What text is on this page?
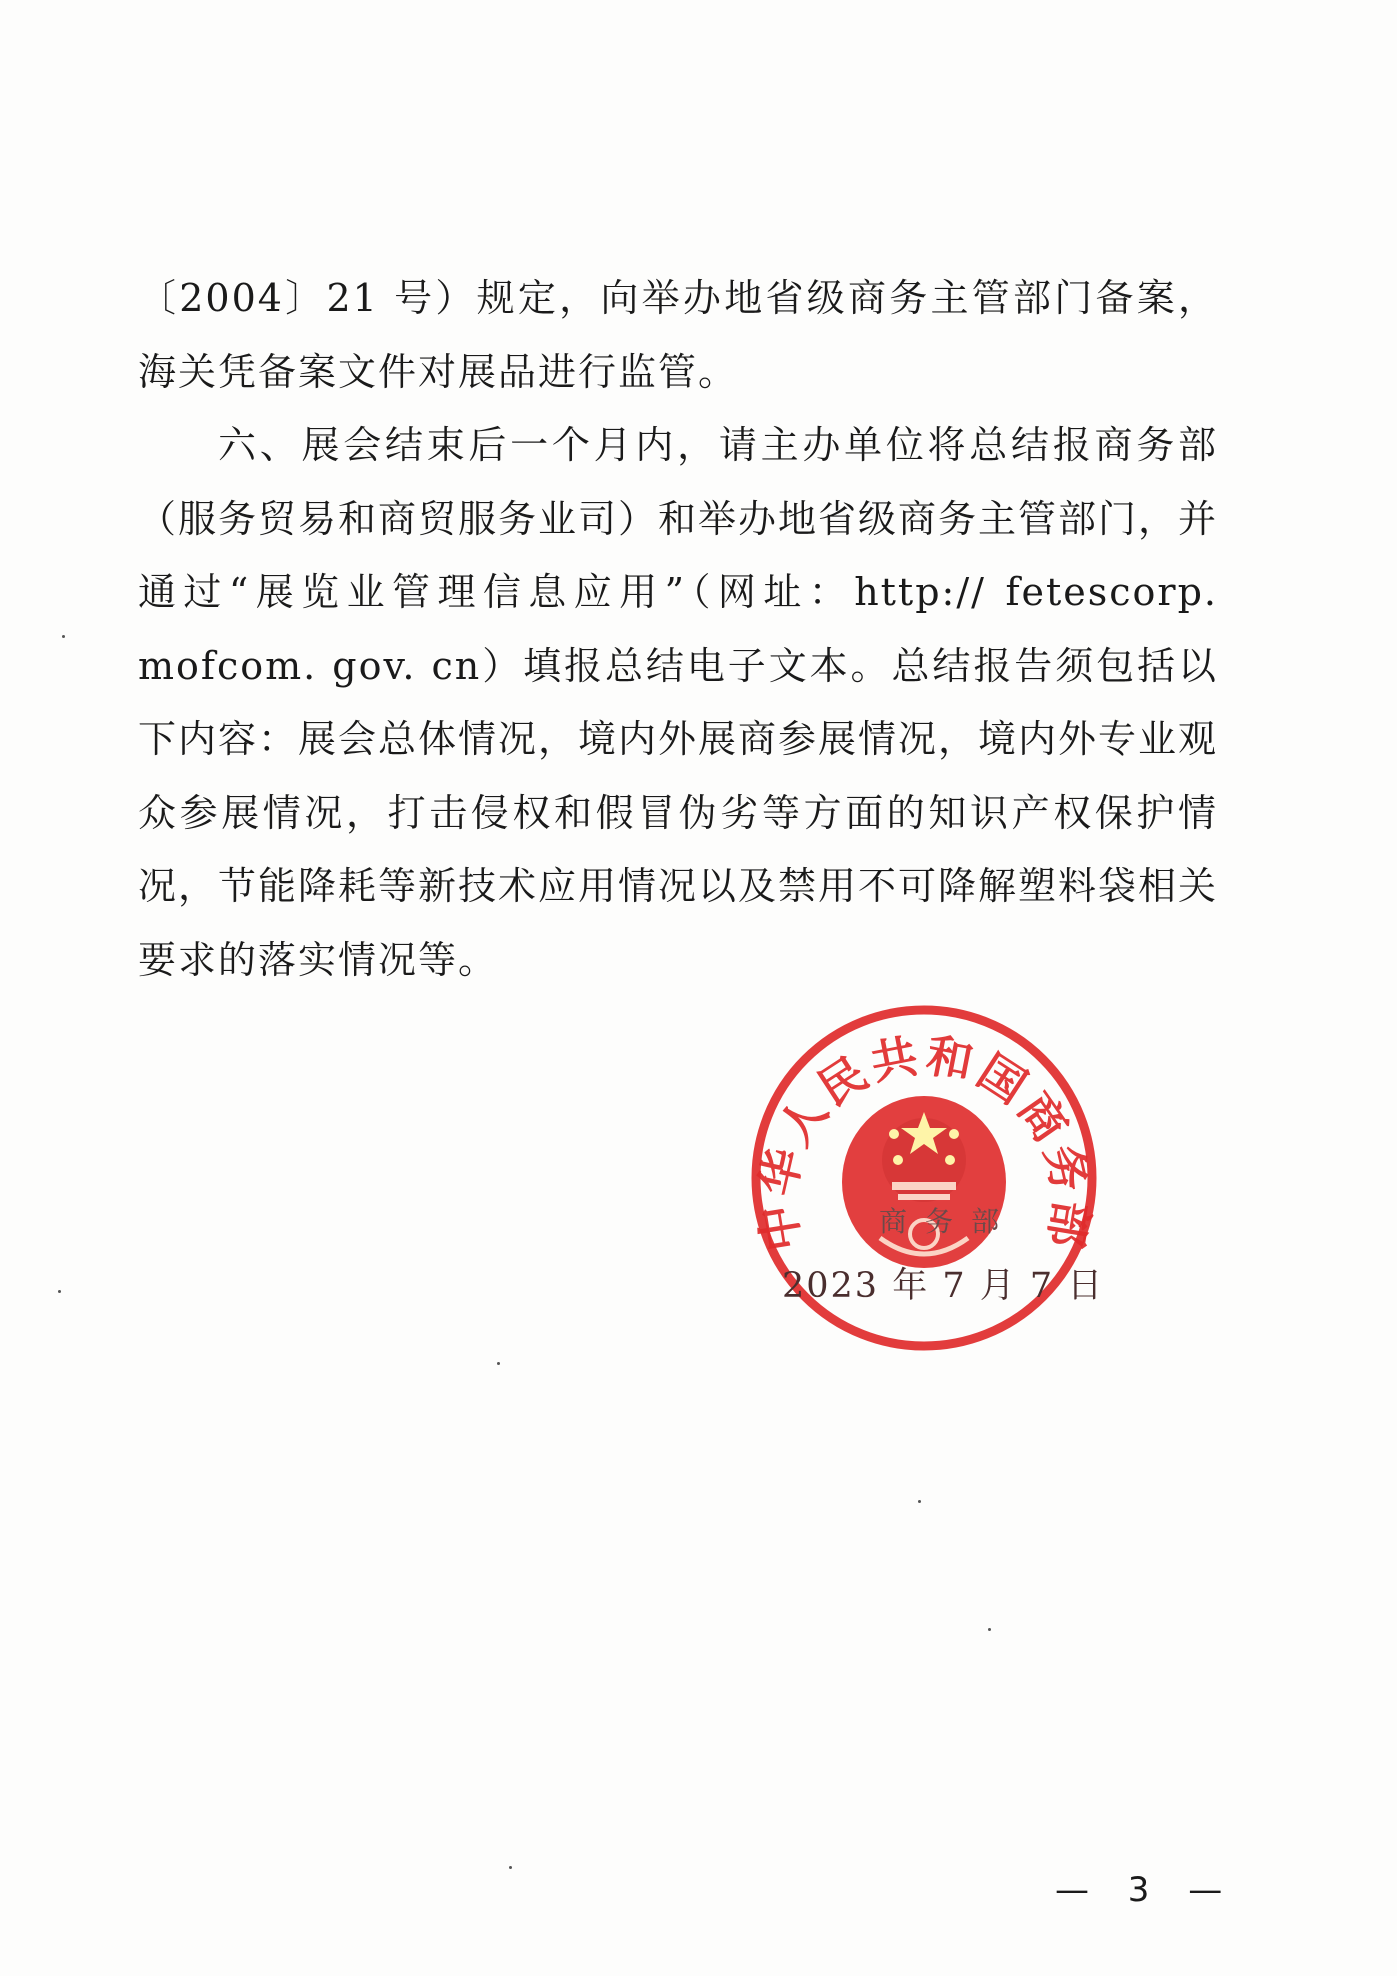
〔2004〕21 号）规定，向举办地省级商务主管部门备案，海关凭备案文件对展品进行监管。

六、展会结束后一个月内，请主办单位将总结报商务部（服务贸易和商贸服务业司）和举办地省级商务主管部门，并通过“展览业管理信息应用”（网址：http:// fetescorp. mofcom. gov. cn）填报总结电子文本。总结报告须包括以下内容：展会总体情况，境内外展商参展情况，境内外专业观众参展情况，打击侵权和假冒伪劣等方面的知识产权保护情况，节能降耗等新技术应用情况以及禁用不可降解塑料袋相关要求的落实情况等。

中华人民共和国商务部
商务部
2023 年 7 月 7 日
— 3 —
